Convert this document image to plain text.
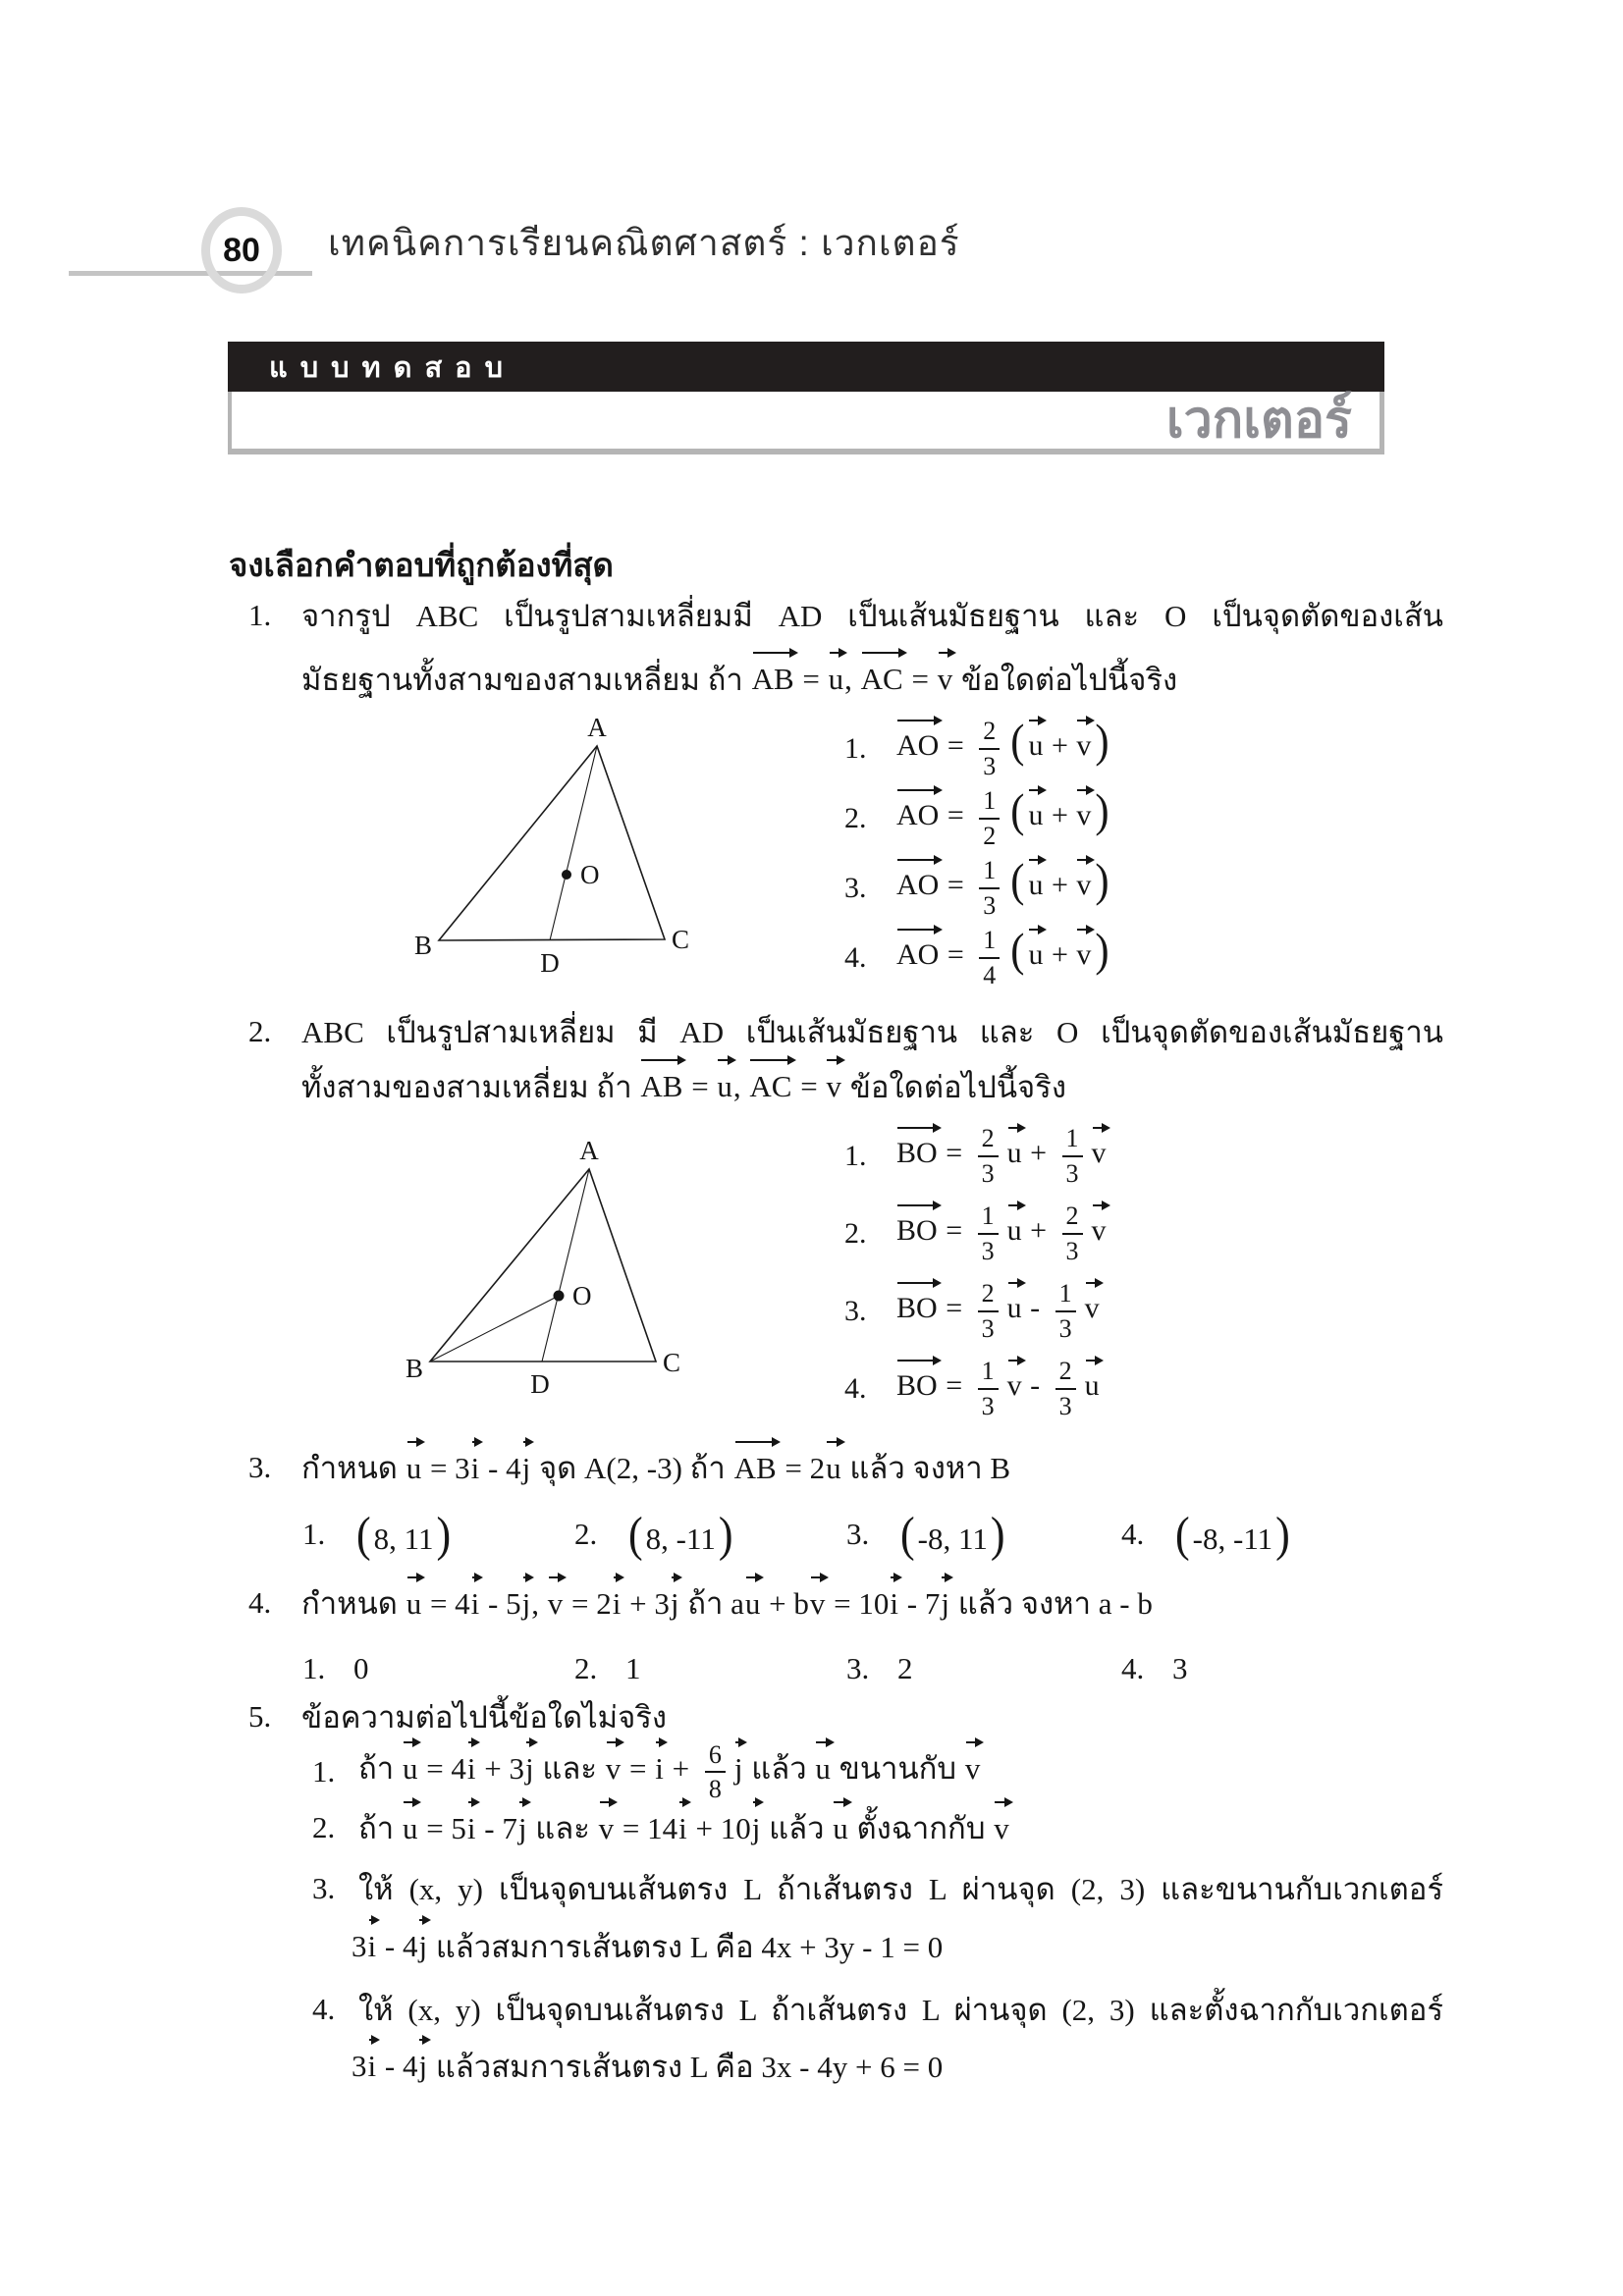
80 เทคนิคการเรียนคณิตศาสตร์ : เวกเตอร์
แบบทดสอบ
เวกเตอร์
จงเลือกคำตอบที่ถูกต้องที่สุด
1. จากรูป ABC เป็นรูปสามเหลี่ยมมี AD เป็นเส้นมัธยฐาน และ O เป็นจุดตัดของเส้น
มัธยฐานทั้งสามของสามเหลี่ยม ถ้า AB = u , AC = v ข้อใดต่อไปนี้จริง
A
B	C
D
O
1.	AO = $\frac{2}{3}$ ( u + v)
2.	AO = $\frac{1}{2}$ ( u + v)
3.	AO = $\frac{1}{3}$ ( u + v)
4.	AO = $\frac{1}{4}$ ( u + v)
2. ABC เป็นรูปสามเหลี่ยม มี AD เป็นเส้นมัธยฐาน และ O เป็นจุดตัดของเส้นมัธยฐาน
ทั้งสามของสามเหลี่ยม ถ้า AB = u , AC = v ข้อใดต่อไปนี้จริง
A
B	C
D
O
1.	BO = $\frac{2}{3}$ $u + \frac{1}{3}$ v
2.	BO = $\frac{1}{3}$ $u + \frac{2}{3}$ v
3.	BO = $\frac{2}{3}$ u - $\frac{1}{3}$ v
4.	BO = $\frac{1}{3}$ v - $\frac{2}{3}$ u
3. กำหนด u = 3i - 4j จุด A(2, -3) ถ้า AB = 2u แล้ว จงหา B
1. (8, 11)	2. (8, -11)	3. (-8, 11)	4. (-8, -11)
4. กำหนด u = 4i - 5j, v = 2i + 3j ถ้า au + bv = 10i - 7j แล้ว จงหา a - b
1. 0	2. 1	3. 2	4. 3
5. ข้อความต่อไปนี้ข้อใดไม่จริง
1. ถ้า u = 4i + 3j และ $v = i + \frac{6}{8}$ j แล้ว u ขนานกับ v
2. ถ้า u = 5i - 7j และ v = 14i + 10j แล้ว u ตั้งฉากกับ v
3. ให้ (x, y) เป็นจุดบนเส้นตรง L ถ้าเส้นตรง L ผ่านจุด (2, 3) และขนานกับเวกเตอร์
3 i - 4 j แล้วสมการเส้นตรง L คือ 4x + 3y - 1 = 0
4. ให้ (x, y) เป็นจุดบนเส้นตรง L ถ้าเส้นตรง L ผ่านจุด (2, 3) และตั้งฉากกับเวกเตอร์
3 i - 4 j แล้วสมการเส้นตรง L คือ 3x - 4y + 6 = 0
